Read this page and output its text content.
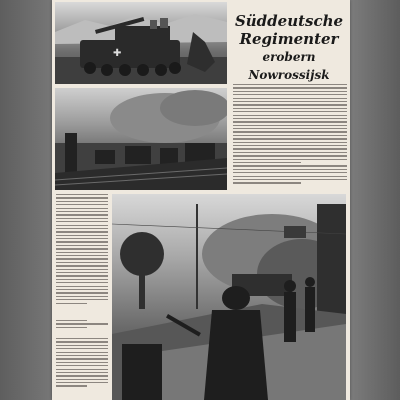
✚
Süddeutsche
Regimenter
erobern Nowrossijsk
